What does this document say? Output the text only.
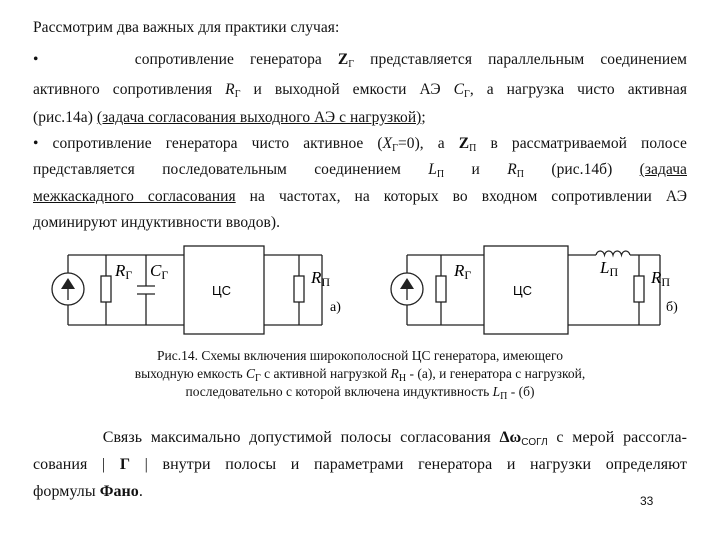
Рассмотрим два важных для практики случая:
•	сопротивление генератора $Z_Г$ представляется параллельным соединением
активного сопротивления $R_Г$ и выходной емкости АЭ $C_Г$, а нагрузка чисто активная
(рис.14а) (задача согласования выходного АЭ с нагрузкой);
• сопротивление генератора чисто активное $(X_Г=0)$, а $Z_П$ в рассматриваемой полосе
представляется последовательным соединением $L_П$ и $R_П$ (рис.14б) (задача
межкаскадного согласования на частотах, на которых во входном сопротивлении АЭ
доминируют индуктивности вводов).
RГ CГ
ЦС
RП
а)
RГ
ЦС
LП RП
б)
Рис.14. Схемы включения широкополосной ЦС генератора, имеющего
выходную емкость $C_Г$ с активной нагрузкой $R_Н - (а)$, и генератора с нагрузкой,
последовательно с которой включена индуктивность $L_П - (б)$
Связь максимально допустимой полосы согласования $\Delta\omega_{СОГЛ}$ с мерой рассогла-
сования | Г | внутри полосы и параметрами генератора и нагрузки определяют
формулы Фано.
33
